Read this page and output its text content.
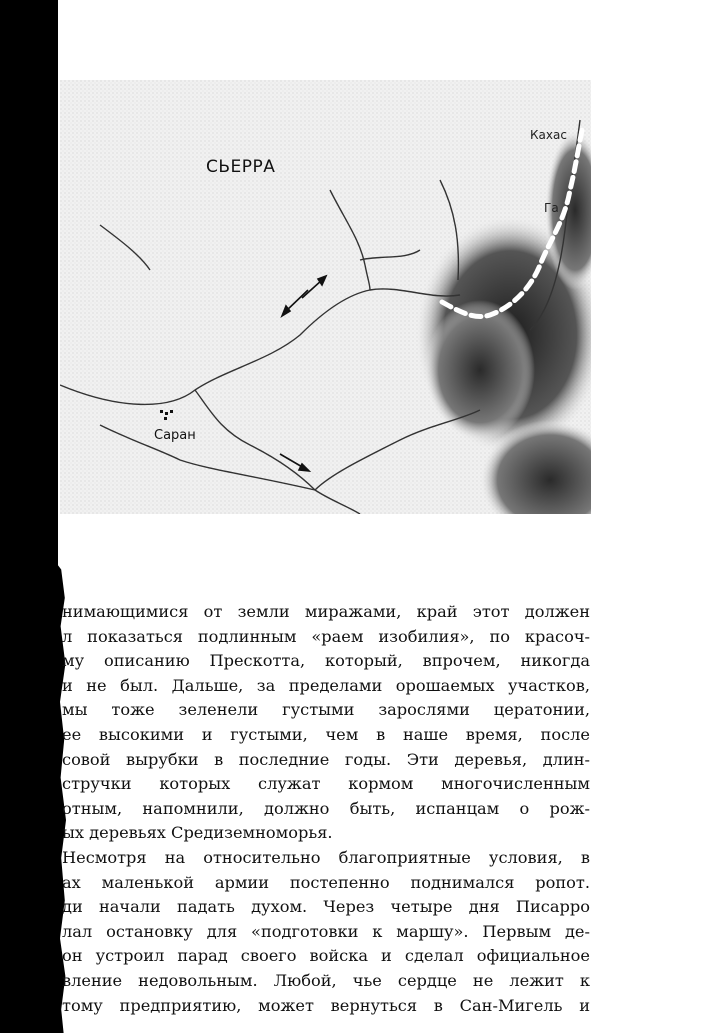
СЬЕРРА
Саран
Кахас
Га
нимающимися от земли миражами, край этот должен
л показаться подлинным «раем изобилия», по красоч-
му описанию Прескотта, который, впрочем, никогда
и не был. Дальше, за пределами орошаемых участков,
мы тоже зеленели густыми зарослями цератонии,
ее высокими и густыми, чем в наше время, после
совой вырубки в последние годы. Эти деревья, длин-
стручки которых служат кормом многочисленным
отным, напомнили, должно быть, испанцам о рож-
ых деревьях Средиземноморья.
Несмотря на относительно благоприятные условия, в
ах маленькой армии постепенно поднимался ропот.
ди начали падать духом. Через четыре дня Писарро
лал остановку для «подготовки к маршу». Первым де-
он устроил парад своего войска и сделал официальное
вление недовольным. Любой, чье сердце не лежит к
тому предприятию, может вернуться в Сан-Мигель и
